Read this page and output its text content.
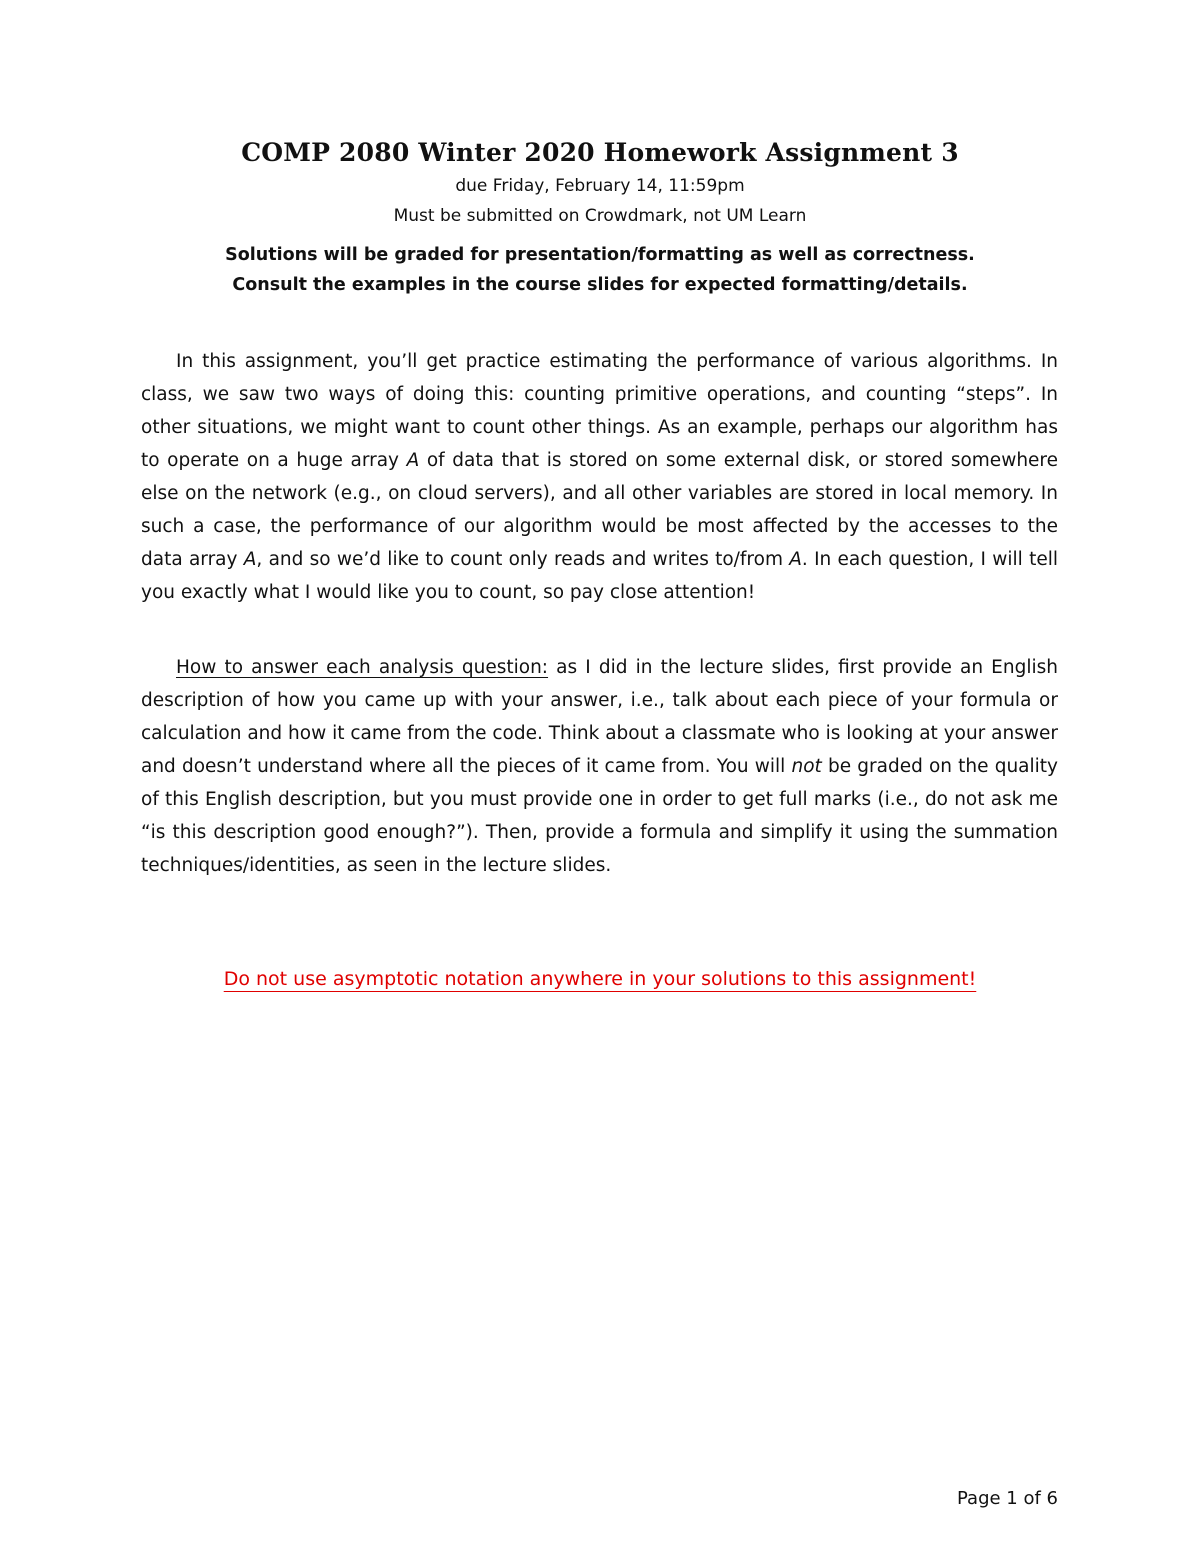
COMP 2080 Winter 2020 Homework Assignment 3
due Friday, February 14, 11:59pm
Must be submitted on Crowdmark, not UM Learn
Solutions will be graded for presentation/formatting as well as correctness.
Consult the examples in the course slides for expected formatting/details.

In this assignment, you’ll get practice estimating the performance of various algorithms. In class, we saw two ways of doing this: counting primitive operations, and counting “steps”. In other situations, we might want to count other things. As an example, perhaps our algorithm has to operate on a huge array A of data that is stored on some external disk, or stored somewhere else on the network (e.g., on cloud servers), and all other variables are stored in local memory. In such a case, the performance of our algorithm would be most affected by the accesses to the data array A, and so we’d like to count only reads and writes to/from A. In each question, I will tell you exactly what I would like you to count, so pay close attention!

How to answer each analysis question: as I did in the lecture slides, first provide an English description of how you came up with your answer, i.e., talk about each piece of your formula or calculation and how it came from the code. Think about a classmate who is looking at your answer and doesn’t understand where all the pieces of it came from. You will not be graded on the quality of this English description, but you must provide one in order to get full marks (i.e., do not ask me “is this description good enough?”). Then, provide a formula and simplify it using the summation techniques/identities, as seen in the lecture slides.

Do not use asymptotic notation anywhere in your solutions to this assignment!
Page 1 of 6
